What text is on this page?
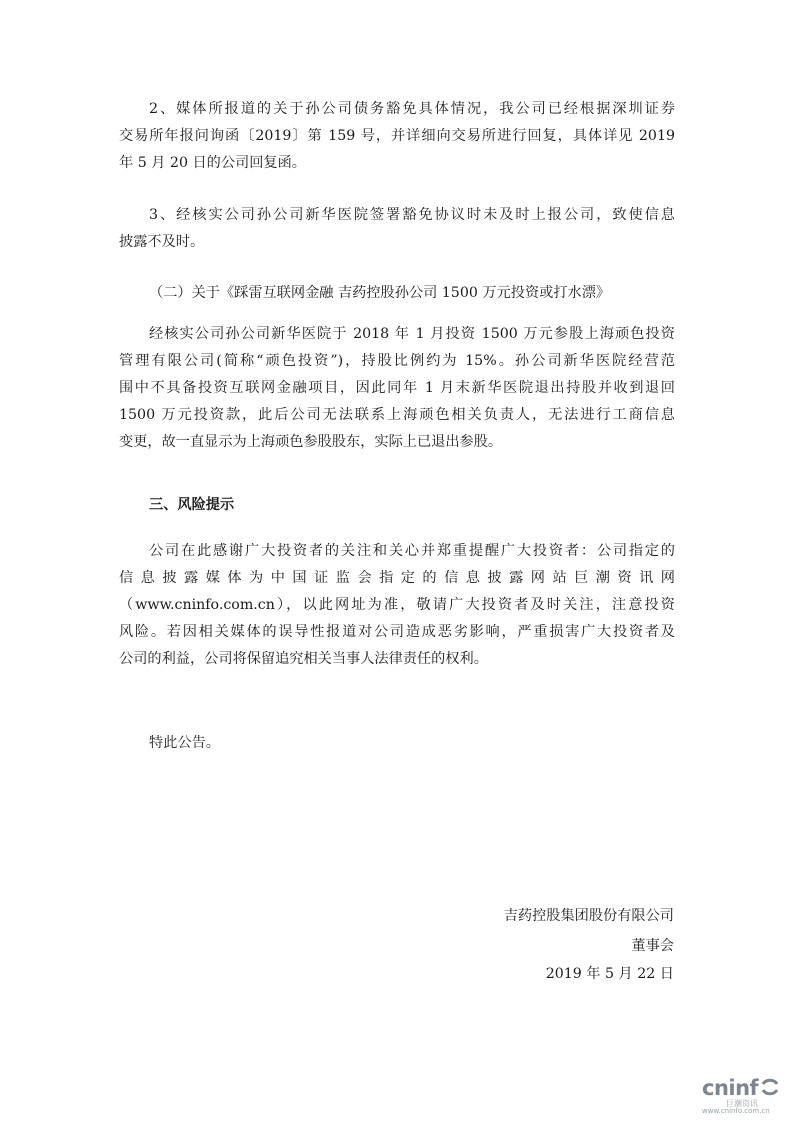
2、媒体所报道的关于孙公司债务豁免具体情况，我公司已经根据深圳证券
交易所年报问询函〔2019〕第 159 号，并详细向交易所进行回复，具体详见 2019
年 5 月 20 日的公司回复函。
3、经核实公司孙公司新华医院签署豁免协议时未及时上报公司，致使信息
披露不及时。
（二）关于《踩雷互联网金融 吉药控股孙公司 1500 万元投资或打水漂》
经核实公司孙公司新华医院于 2018 年 1 月投资 1500 万元参股上海顽色投资
管理有限公司(简称“顽色投资”)，持股比例约为 15%。孙公司新华医院经营范
围中不具备投资互联网金融项目，因此同年 1 月末新华医院退出持股并收到退回
1500 万元投资款，此后公司无法联系上海顽色相关负责人，无法进行工商信息
变更，故一直显示为上海顽色参股股东，实际上已退出参股。
三、风险提示
公司在此感谢广大投资者的关注和关心并郑重提醒广大投资者：公司指定的
信息披露媒体为中国证监会指定的信息披露网站巨潮资讯网
（www.cninfo.com.cn），以此网址为准，敬请广大投资者及时关注，注意投资
风险。若因相关媒体的误导性报道对公司造成恶劣影响，严重损害广大投资者及
公司的利益，公司将保留追究相关当事人法律责任的权利。
特此公告。
吉药控股集团股份有限公司
董事会
2019 年 5 月 22 日
cninf
巨潮资讯
www.cninfo.com.cn
